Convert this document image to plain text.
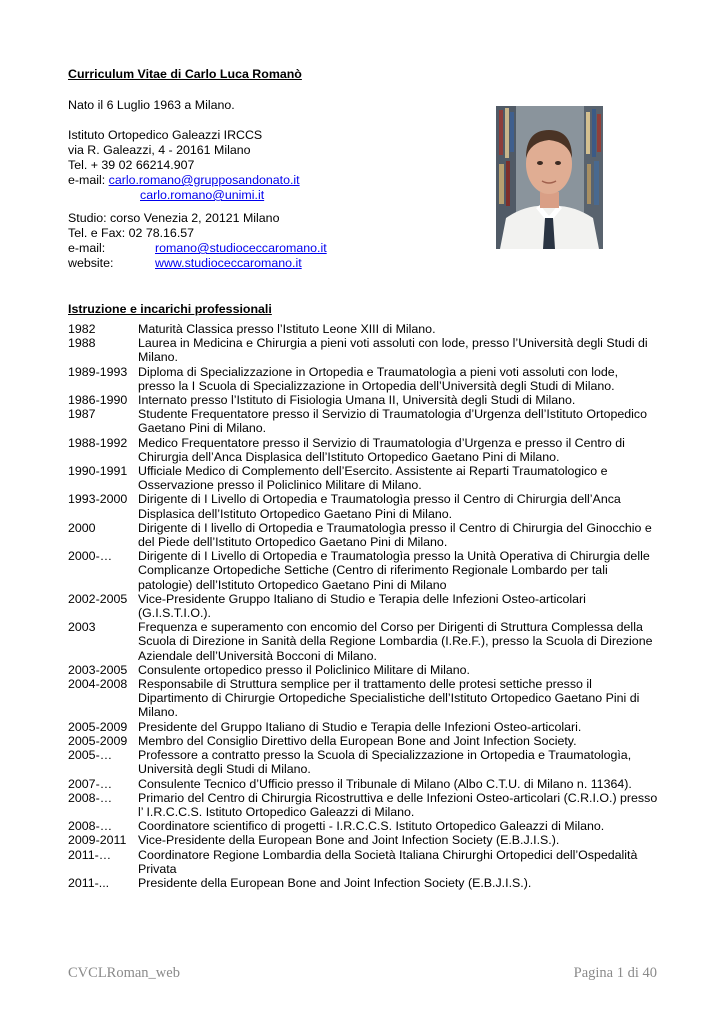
Curriculum Vitae di Carlo Luca Romanò
Nato il 6 Luglio 1963 a Milano.
Istituto Ortopedico Galeazzi IRCCS
via R. Galeazzi, 4 - 20161 Milano
Tel. + 39 02 66214.907
e-mail: carlo.romano@grupposandonato.it
carlo.romano@unimi.it
Studio: corso Venezia 2, 20121 Milano
Tel. e Fax: 02 78.16.57
e-mail:	romano@studioceccaromano.it
website:	www.studioceccaromano.it
Istruzione e incarichi professionali
1982	Maturità Classica presso l’Istituto Leone XIII di Milano.
1988	Laurea in Medicina e Chirurgia a pieni voti assoluti con lode, presso l’Università degli Studi di Milano.
1989-1993 Diploma di Specializzazione in Ortopedia e Traumatologìa a pieni voti assoluti con lode, presso la I Scuola di Specializzazione in Ortopedia dell’Università degli Studi di Milano.
1986-1990 Internato presso l’Istituto di Fisiologia Umana II, Università degli Studi di Milano.
1987	Studente Frequentatore presso il Servizio di Traumatologia d’Urgenza dell’Istituto Ortopedico Gaetano Pini di Milano.
1988-1992 Medico Frequentatore presso il Servizio di Traumatologia d’Urgenza e presso il Centro di Chirurgia dell’Anca Displasica dell’Istituto Ortopedico Gaetano Pini di Milano.
1990-1991 Ufficiale Medico di Complemento dell’Esercito. Assistente ai Reparti Traumatologico e Osservazione presso il Policlinico Militare di Milano.
1993-2000 Dirigente di I Livello di Ortopedia e Traumatologìa presso il Centro di Chirurgia dell’Anca Displasica dell’Istituto Ortopedico Gaetano Pini di Milano.
2000	Dirigente di I livello di Ortopedia e Traumatologìa presso il Centro di Chirurgia del Ginocchio e del Piede dell’Istituto Ortopedico Gaetano Pini di Milano.
2000-…	Dirigente di I Livello di Ortopedia e Traumatologìa presso la Unità Operativa di Chirurgia delle Complicanze Ortopediche Settiche (Centro di riferimento Regionale Lombardo per tali patologie) dell’Istituto Ortopedico Gaetano Pini di Milano
2002-2005 Vice-Presidente Gruppo Italiano di Studio e Terapia delle Infezioni Osteo-articolari (G.I.S.T.I.O.).
2003	Frequenza e superamento con encomio del Corso per Dirigenti di Struttura Complessa della Scuola di Direzione in Sanità della Regione Lombardia (I.Re.F.), presso la Scuola di Direzione Aziendale dell’Università Bocconi di Milano.
2003-2005 Consulente ortopedico presso il Policlinico Militare di Milano.
2004-2008 Responsabile di Struttura semplice per il trattamento delle protesi settiche presso il Dipartimento di Chirurgie Ortopediche Specialistiche dell’Istituto Ortopedico Gaetano Pini di Milano.
2005-2009 Presidente del Gruppo Italiano di Studio e Terapia delle Infezioni Osteo-articolari.
2005-2009 Membro del Consiglio Direttivo della European Bone and Joint Infection Society.
2005-…	Professore a contratto presso la Scuola di Specializzazione in Ortopedia e Traumatologìa, Università degli Studi di Milano.
2007-…	Consulente Tecnico d’Ufficio presso il Tribunale di Milano (Albo C.T.U. di Milano n. 11364).
2008-…	Primario del Centro di Chirurgia Ricostruttiva e delle Infezioni Osteo-articolari (C.R.I.O.) presso l’ I.R.C.C.S. Istituto Ortopedico Galeazzi di Milano.
2008-…	Coordinatore scientifico di progetti - I.R.C.C.S. Istituto Ortopedico Galeazzi di Milano.
2009-2011 Vice-Presidente della European Bone and Joint Infection Society (E.B.J.I.S.).
2011-…	Coordinatore Regione Lombardia della Società Italiana Chirurghi Ortopedici dell’Ospedalità Privata
2011-...	Presidente della European Bone and Joint Infection Society (E.B.J.I.S.).
CVCLRoman_web	Pagina 1 di 40
